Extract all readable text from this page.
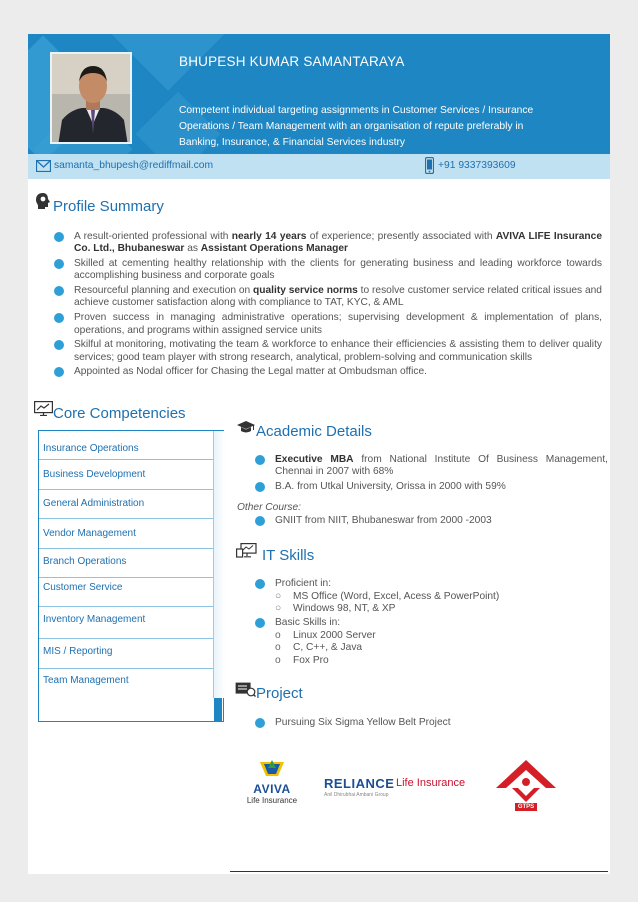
BHUPESH KUMAR SAMANTARAYA
Competent individual targeting assignments in Customer Services / Insurance Operations / Team Management with an organisation of repute preferably in Banking, Insurance, & Financial Services industry
samanta_bhupesh@rediffmail.com	+91 9337393609
Profile Summary
A result-oriented professional with nearly 14 years of experience; presently associated with AVIVA LIFE Insurance Co. Ltd., Bhubaneswar as Assistant Operations Manager
Skilled at cementing healthy relationship with the clients for generating business and leading workforce towards accomplishing business and corporate goals
Resourceful planning and execution on quality service norms to resolve customer service related critical issues and achieve customer satisfaction along with compliance to TAT, KYC, & AML
Proven success in managing administrative operations; supervising development & implementation of plans, operations, and programs within assigned service units
Skilful at monitoring, motivating the team & workforce to enhance their efficiencies & assisting them to deliver quality services; good team player with strong research, analytical, problem-solving and communication skills
Appointed as Nodal officer for Chasing the Legal matter at Ombudsman office.
Core Competencies
Insurance Operations
Business Development
General Administration
Vendor Management
Branch Operations
Customer Service
Inventory Management
MIS / Reporting
Team Management
Academic Details
Executive MBA from National Institute Of Business Management, Chennai in 2007 with 68%
B.A. from Utkal University, Orissa in 2000 with 59%
Other Course:
GNIIT from NIIT, Bhubaneswar from 2000 -2003
IT Skills
Proficient in:
○ MS Office (Word, Excel, Acess & PowerPoint)
○ Windows 98, NT, & XP
Basic Skills in:
o Linux 2000 Server
o C, C++, & Java
o Fox Pro
Project
Pursuing Six Sigma Yellow Belt Project
AVIVA
Life Insurance
RELIANCE Life Insurance
Anil Dhirubhai Ambani Group
GTPS
